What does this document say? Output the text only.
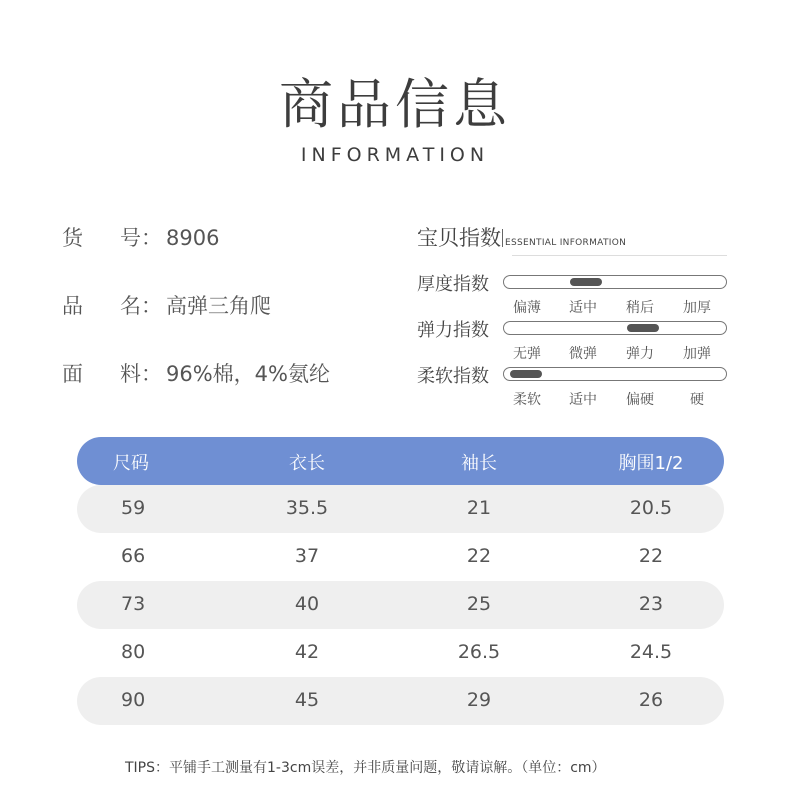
商品信息
INFORMATION
货 号： 8906
品 名： 高弹三角爬
面 料： 96%棉，4%氨纶
宝贝指数 ESSENTIAL INFORMATION
厚度指数
偏薄	适中	稍后	加厚
弹力指数
无弹	微弹	弹力	加弹
柔软指数
柔软	适中	偏硬	硬
尺码	衣长	袖长	胸围1/2
59	35.5	21	20.5
66	37	22	22
73	40	25	23
80	42	26.5	24.5
90	45	29	26
TIPS：平铺手工测量有1-3cm误差，并非质量问题，敬请谅解。（单位：cm）
